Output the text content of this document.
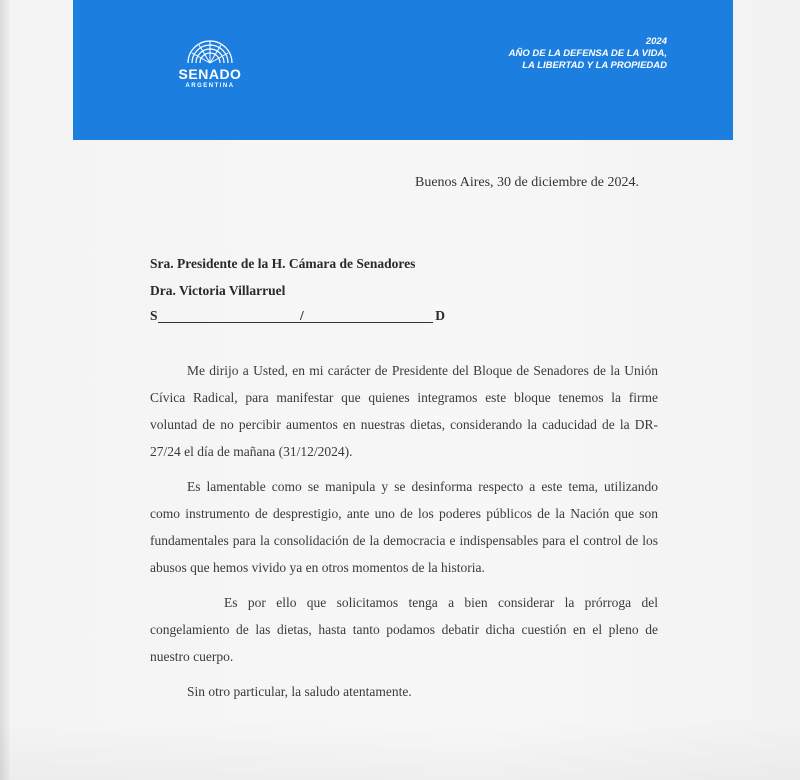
SENADO
ARGENTINA
2024
AÑO DE LA DEFENSA DE LA VIDA,
LA LIBERTAD Y LA PROPIEDAD
Buenos Aires, 30 de diciembre de 2024.
Sra. Presidente de la H. Cámara de Senadores
Dra. Victoria Villarruel
S	/	D

Me dirijo a Usted, en mi carácter de Presidente del Bloque de Senadores de la Unión Cívica Radical, para manifestar que quienes integramos este bloque tenemos la firme voluntad de no percibir aumentos en nuestras dietas, considerando la caducidad de la DR-27/24 el día de mañana (31/12/2024).

Es lamentable como se manipula y se desinforma respecto a este tema, utilizando como instrumento de desprestigio, ante uno de los poderes públicos de la Nación que son fundamentales para la consolidación de la democracia e indispensables para el control de los abusos que hemos vivido ya en otros momentos de la historia.

Es por ello que solicitamos tenga a bien considerar la prórroga del congelamiento de las dietas, hasta tanto podamos debatir dicha cuestión en el pleno de nuestro cuerpo.

Sin otro particular, la saludo atentamente.
